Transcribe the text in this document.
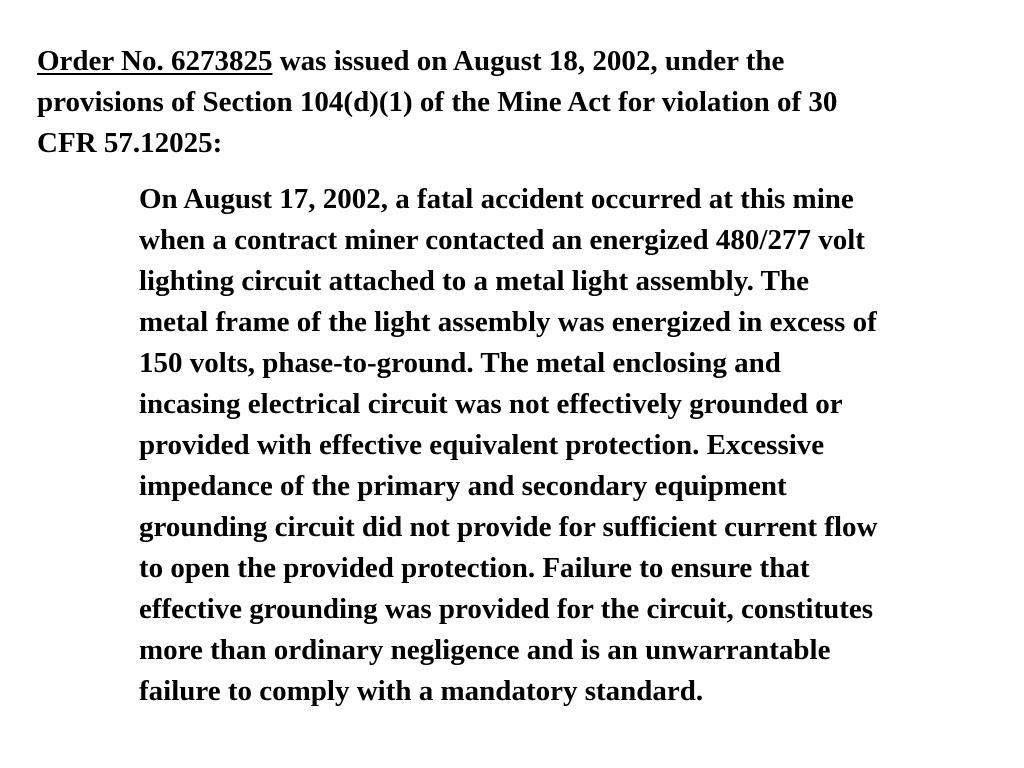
Order No. 6273825 was issued on August 18, 2002, under the
provisions of Section 104(d)(1) of the Mine Act for violation of 30
CFR 57.12025:

On August 17, 2002, a fatal accident occurred at this mine
when a contract miner contacted an energized 480/277 volt
lighting circuit attached to a metal light assembly. The
metal frame of the light assembly was energized in excess of
150 volts, phase-to-ground. The metal enclosing and
incasing electrical circuit was not effectively grounded or
provided with effective equivalent protection. Excessive
impedance of the primary and secondary equipment
grounding circuit did not provide for sufficient current flow
to open the provided protection. Failure to ensure that
effective grounding was provided for the circuit, constitutes
more than ordinary negligence and is an unwarrantable
failure to comply with a mandatory standard.
